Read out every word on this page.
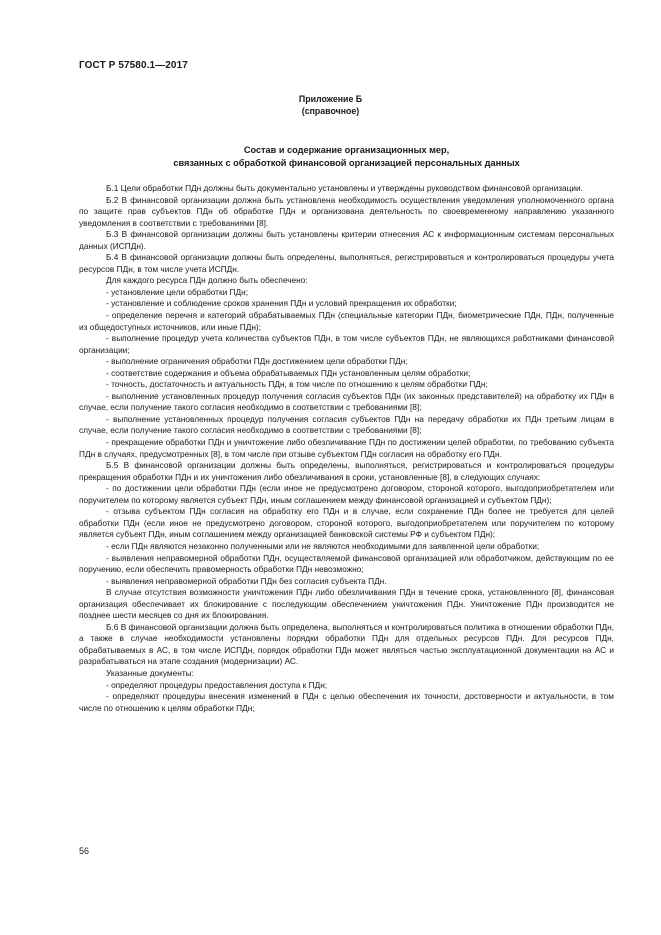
ГОСТ Р 57580.1—2017
Приложение Б
(справочное)
Состав и содержание организационных мер,
связанных с обработкой финансовой организацией персональных данных

Б.1 Цели обработки ПДн должны быть документально установлены и утверждены руководством финансовой организации.

Б.2 В финансовой организации должна быть установлена необходимость осуществления уведомления уполномоченного органа по защите прав субъектов ПДн об обработке ПДн и организована деятельность по своевременному направлению указанного уведомления в соответствии с требованиями [8].

Б.3 В финансовой организации должны быть установлены критерии отнесения АС к информационным системам персональных данных (ИСПДн).

Б.4 В финансовой организации должны быть определены, выполняться, регистрироваться и контролироваться процедуры учета ресурсов ПДн, в том числе учета ИСПДн.

Для каждого ресурса ПДн должно быть обеспечено:

- установление цели обработки ПДн;

- установление и соблюдение сроков хранения ПДн и условий прекращения их обработки;

- определение перечня и категорий обрабатываемых ПДн (специальные категории ПДн, биометрические ПДн, ПДн, полученные из общедоступных источников, или иные ПДн);

- выполнение процедур учета количества субъектов ПДн, в том числе субъектов ПДн, не являющихся работниками финансовой организации;

- выполнение ограничения обработки ПДн достижением цели обработки ПДн;

- соответствие содержания и объема обрабатываемых ПДн установленным целям обработки;

- точность, достаточность и актуальность ПДн, в том числе по отношению к целям обработки ПДн;

- выполнение установленных процедур получения согласия субъектов ПДн (их законных представителей) на обработку их ПДн в случае, если получение такого согласия необходимо в соответствии с требованиями [8];

- выполнение установленных процедур получения согласия субъектов ПДн на передачу обработки их ПДн третьим лицам в случае, если получение такого согласия необходимо в соответствии с требованиями [8];

- прекращение обработки ПДн и уничтожение либо обезличивание ПДн по достижении целей обработки, по требованию субъекта ПДн в случаях, предусмотренных [8], в том числе при отзыве субъектом ПДн согласия на обработку его ПДн.

Б.5 В финансовой организации должны быть определены, выполняться, регистрироваться и контролироваться процедуры прекращения обработки ПДн и их уничтожения либо обезличивания в сроки, установленные [8], в следующих случаях:

- по достижении цели обработки ПДн (если иное не предусмотрено договором, стороной которого, выгодоприобретателем или поручителем по которому является субъект ПДн, иным соглашением между финансовой организацией и субъектом ПДн);

- отзыва субъектом ПДн согласия на обработку его ПДн и в случае, если сохранение ПДн более не требуется для целей обработки ПДн (если иное не предусмотрено договором, стороной которого, выгодоприобретателем или поручителем по которому является субъект ПДн, иным соглашением между организацией банковской системы РФ и субъектом ПДн);

- если ПДн являются незаконно полученными или не являются необходимыми для заявленной цели обработки;

- выявления неправомерной обработки ПДн, осуществляемой финансовой организацией или обработчиком, действующим по ее поручению, если обеспечить правомерность обработки ПДн невозможно;

- выявления неправомерной обработки ПДн без согласия субъекта ПДн.

В случае отсутствия возможности уничтожения ПДн либо обезличивания ПДн в течение срока, установленного [8], финансовая организация обеспечивает их блокирование с последующим обеспечением уничтожения ПДн. Уничтожение ПДн производится не позднее шести месяцев со дня их блокирования.

Б.6 В финансовой организации должна быть определена, выполняться и контролироваться политика в отношении обработки ПДн, а также в случае необходимости установлены порядки обработки ПДн для отдельных ресурсов ПДн. Для ресурсов ПДн, обрабатываемых в АС, в том числе ИСПДн, порядок обработки ПДн может являться частью эксплуатационной документации на АС и разрабатываться на этапе создания (модернизации) АС.

Указанные документы:

- определяют процедуры предоставления доступа к ПДн;

- определяют процедуры внесения изменений в ПДн с целью обеспечения их точности, достоверности и актуальности, в том числе по отношению к целям обработки ПДн;

56
